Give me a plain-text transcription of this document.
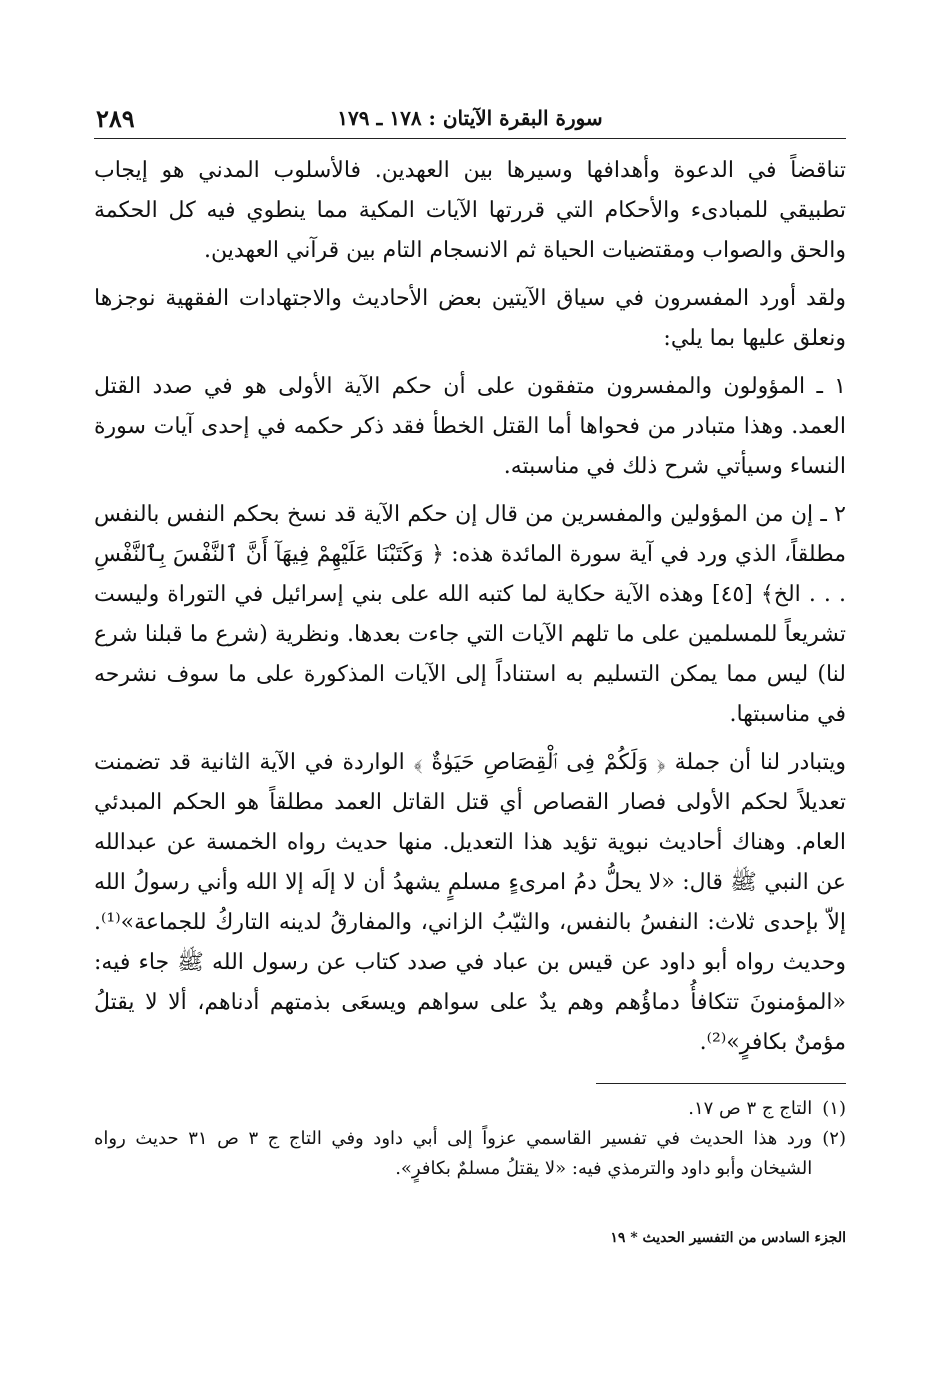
سورة البقرة الآيتان : ١٧٨ ـ ١٧٩
٢٨٩

تناقضاً في الدعوة وأهدافها وسيرها بين العهدين. فالأسلوب المدني هو إيجاب تطبيقي للمبادىء والأحكام التي قررتها الآيات المكية مما ينطوي فيه كل الحكمة والحق والصواب ومقتضيات الحياة ثم الانسجام التام بين قرآني العهدين.

ولقد أورد المفسرون في سياق الآيتين بعض الأحاديث والاجتهادات الفقهية نوجزها ونعلق عليها بما يلي:

١ ـ المؤولون والمفسرون متفقون على أن حكم الآية الأولى هو في صدد القتل العمد. وهذا متبادر من فحواها أما القتل الخطأ فقد ذكر حكمه في إحدى آيات سورة النساء وسيأتي شرح ذلك في مناسبته.

٢ ـ إن من المؤولين والمفسرين من قال إن حكم الآية قد نسخ بحكم النفس بالنفس مطلقاً، الذي ورد في آية سورة المائدة هذه: ﴿ وَكَتَبْنَا عَلَيْهِمْ فِيهَآ أَنَّ ٱلنَّفْسَ بِٱلنَّفْسِ . . . الخ﴾ [٤٥] وهذه الآية حكاية لما كتبه الله على بني إسرائيل في التوراة وليست تشريعاً للمسلمين على ما تلهم الآيات التي جاءت بعدها. ونظرية (شرع ما قبلنا شرع لنا) ليس مما يمكن التسليم به استناداً إلى الآيات المذكورة على ما سوف نشرحه في مناسبتها.

ويتبادر لنا أن جملة ﴿ وَلَكُمْ فِى ٱلْقِصَاصِ حَيَوٰةٌ ﴾ الواردة في الآية الثانية قد تضمنت تعديلاً لحكم الأولى فصار القصاص أي قتل القاتل العمد مطلقاً هو الحكم المبدئي العام. وهناك أحاديث نبوية تؤيد هذا التعديل. منها حديث رواه الخمسة عن عبدالله عن النبي ﷺ قال: «لا يحلُّ دمُ امرىءٍ مسلمٍ يشهدُ أن لا إلَه إلا الله وأني رسولُ الله إلاّ بإحدى ثلاث: النفسُ بالنفس، والثيّبُ الزاني، والمفارقُ لدينه التاركُ للجماعة»⁽¹⁾. وحديث رواه أبو داود عن قيس بن عباد في صدد كتاب عن رسول الله ﷺ جاء فيه: «المؤمنونَ تتكافأُ دماؤُهم وهم يدٌ على سواهم ويسعَى بذمتهم أدناهم، ألا لا يقتلُ مؤمنٌ بكافرٍ»⁽²⁾.

(١)
التاج ج ٣ ص ١٧.
(٢)
ورد هذا الحديث في تفسير القاسمي عزواً إلى أبي داود وفي التاج ج ٣ ص ٣١ حديث رواه الشيخان وأبو داود والترمذي فيه: «لا يقتلُ مسلمٌ بكافرٍ».
الجزء السادس من التفسير الحديث * ١٩
